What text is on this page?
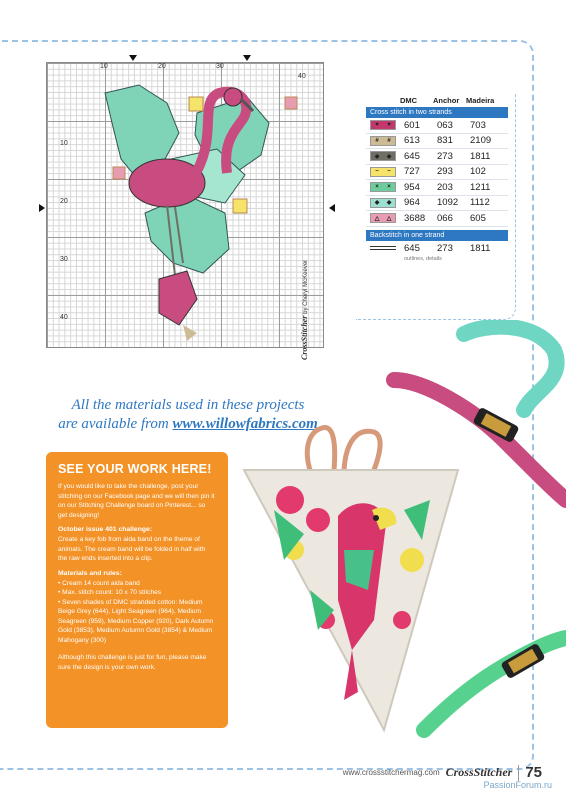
10	20	30
40
10
20
30
40	CrossStitcher by Cheryl McKeever
DMC	Anchor Madeira
Cross stitch in two strands
♥	♥	601	063	703
#	#	613	831	2109
◆	◆	645	273	1811
~	~	727	293	102
×	×	954	203	1211
◆	◆	964	1092	1112
△	△	3688	066	605
Backstitch in one strand
645	273	1811
outlines, details
All the materials used in these projects
are available from www.willowfabrics.com
SEE YOUR WORK HERE!

If you would like to take the challenge, post your stitching on our Facebook page and we will then pin it on our Stitching Challenge board on Pinterest... so get designing!

October issue 401 challenge:

Create a key fob from aida band on the theme of animals. The cream band will be folded in half with the raw ends inserted into a clip.

Materials and rules:
• Cream 14 count aida band
• Max. stitch count: 10 x 70 stitches
• Seven shades of DMC stranded cotton: Medium Beige Grey (644), Light Seagreen (964), Medium Seagreen (959), Medium Copper (920), Dark Autumn Gold (3853), Medium Autumn Gold (3854) & Medium Mahogany (300)

Although this challenge is just for fun, please make sure the design is your own work.

www.crossstitchermag.com CrossStitcher 75
PassionForum.ru
